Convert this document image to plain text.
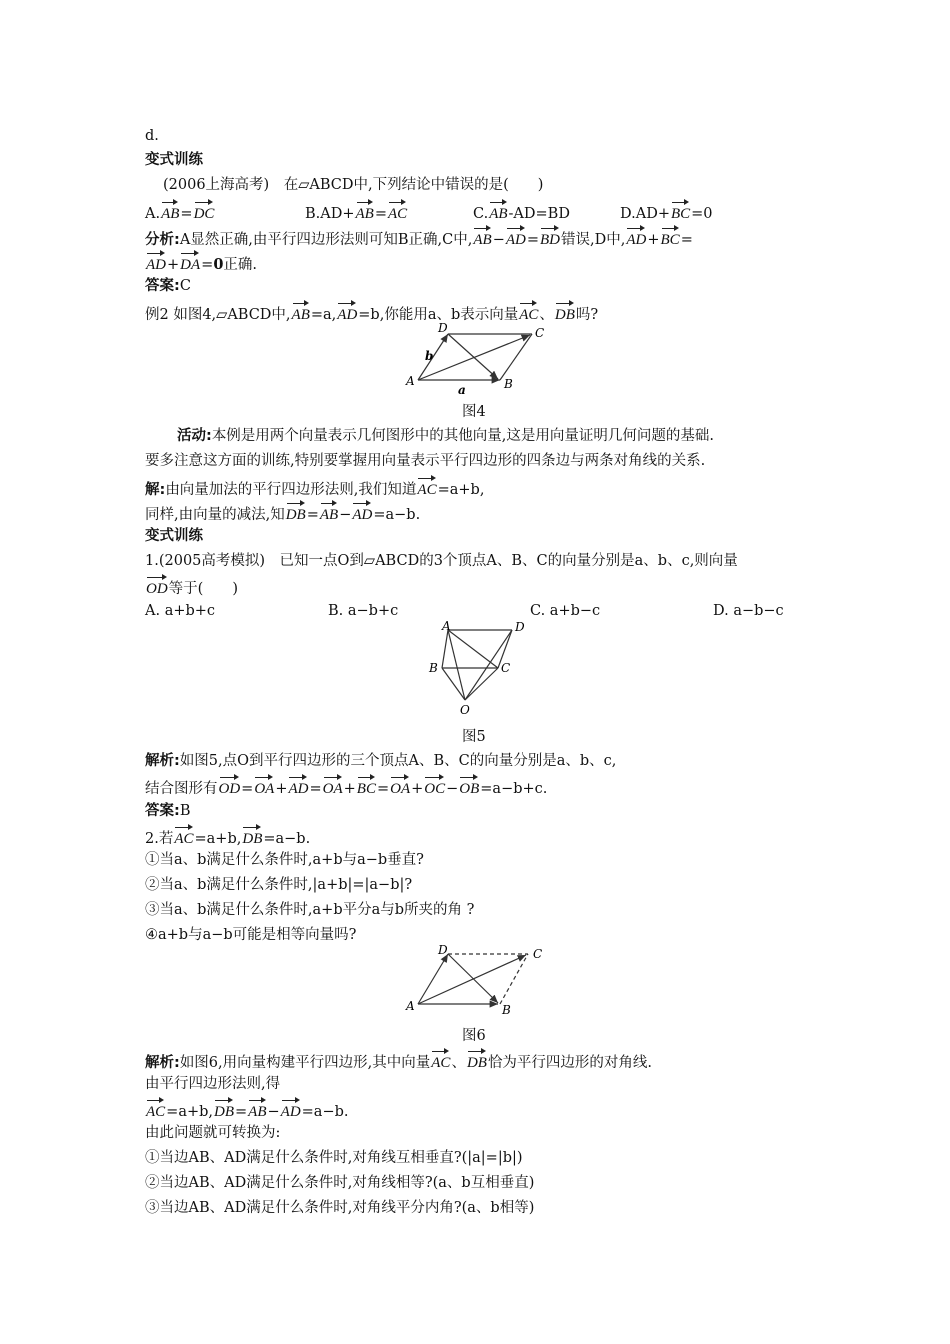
d.
变式训练
(2006上海高考)　在▱ABCD中,下列结论中错误的是(　　)
A.AB=DC	B.AD+AB=AC	C.AB-AD=BD	D.AD+BC=0
分析:A显然正确,由平行四边形法则可知B正确,C中,AB−AD=BD错误,D中,AD+BC=
AD+DA=0正确.
答案:C
例2 如图4,▱ABCD中,AB=a,AD=b,你能用a、b表示向量AC、DB吗?
A	B
C
D
b
a
图4
活动:本例是用两个向量表示几何图形中的其他向量,这是用向量证明几何问题的基础.
要多注意这方面的训练,特别要掌握用向量表示平行四边形的四条边与两条对角线的关系.
解:由向量加法的平行四边形法则,我们知道AC=a+b,
同样,由向量的减法,知DB=AB−AD=a−b.
变式训练
1.(2005高考模拟)　已知一点O到▱ABCD的3个顶点A、B、C的向量分别是a、b、c,则向量
OD等于(　　)
A. a+b+c	B. a−b+c	C. a+b−c	D. a−b−c
A	D
B	C
O
图5
解析:如图5,点O到平行四边形的三个顶点A、B、C的向量分别是a、b、c,
结合图形有OD=OA+AD=OA+BC=OA+OC−OB=a−b+c.
答案:B
2.若AC=a+b,DB=a−b.
①当a、b满足什么条件时,a+b与a−b垂直?
②当a、b满足什么条件时,|a+b|=|a−b|?
③当a、b满足什么条件时,a+b平分a与b所夹的角 ?
④a+b与a−b可能是相等向量吗?
A	B
C
D
图6
解析:如图6,用向量构建平行四边形,其中向量AC、DB恰为平行四边形的对角线.
由平行四边形法则,得
AC=a+b,DB=AB−AD=a−b.
由此问题就可转换为:
①当边AB、AD满足什么条件时,对角线互相垂直?(|a|=|b|)
②当边AB、AD满足什么条件时,对角线相等?(a、b互相垂直)
③当边AB、AD满足什么条件时,对角线平分内角?(a、b相等)
